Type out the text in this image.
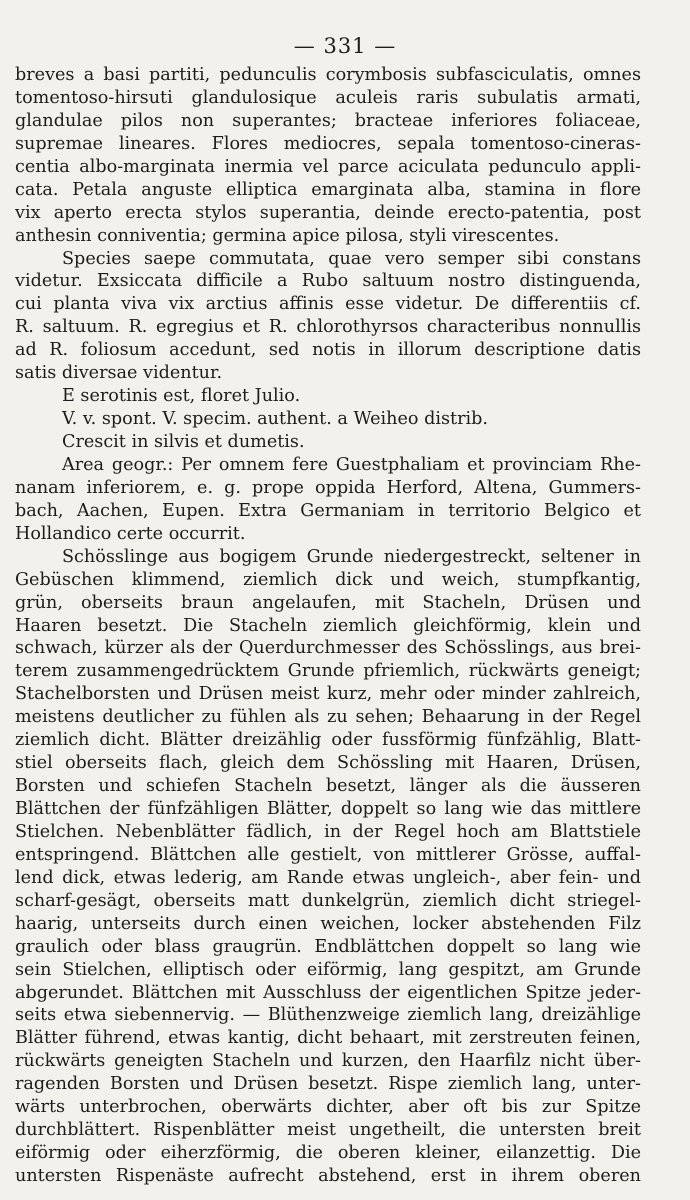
— 331 —
breves a basi partiti, pedunculis corymbosis subfasciculatis, omnes
tomentoso-hirsuti glandulosique aculeis raris subulatis armati,
glandulae pilos non superantes; bracteae inferiores foliaceae,
supremae lineares. Flores mediocres, sepala tomentoso-cineras-
centia albo-marginata inermia vel parce aciculata pedunculo appli-
cata. Petala anguste elliptica emarginata alba, stamina in flore
vix aperto erecta stylos superantia, deinde erecto-patentia, post
anthesin conniventia; germina apice pilosa, styli virescentes.
Species saepe commutata, quae vero semper sibi constans
videtur. Exsiccata difficile a Rubo saltuum nostro distinguenda,
cui planta viva vix arctius affinis esse videtur. De differentiis cf.
R. saltuum. R. egregius et R. chlorothyrsos characteribus nonnullis
ad R. foliosum accedunt, sed notis in illorum descriptione datis
satis diversae videntur.
E serotinis est, floret Julio.
V. v. spont. V. specim. authent. a Weiheo distrib.
Crescit in silvis et dumetis.
Area geogr.: Per omnem fere Guestphaliam et provinciam Rhe-
nanam inferiorem, e. g. prope oppida Herford, Altena, Gummers-
bach, Aachen, Eupen. Extra Germaniam in territorio Belgico et
Hollandico certe occurrit.
Schösslinge aus bogigem Grunde niedergestreckt, seltener in
Gebüschen klimmend, ziemlich dick und weich, stumpfkantig,
grün, oberseits braun angelaufen, mit Stacheln, Drüsen und
Haaren besetzt. Die Stacheln ziemlich gleichförmig, klein und
schwach, kürzer als der Querdurchmesser des Schösslings, aus brei-
terem zusammengedrücktem Grunde pfriemlich, rückwärts geneigt;
Stachelborsten und Drüsen meist kurz, mehr oder minder zahlreich,
meistens deutlicher zu fühlen als zu sehen; Behaarung in der Regel
ziemlich dicht. Blätter dreizählig oder fussförmig fünfzählig, Blatt-
stiel oberseits flach, gleich dem Schössling mit Haaren, Drüsen,
Borsten und schiefen Stacheln besetzt, länger als die äusseren
Blättchen der fünfzähligen Blätter, doppelt so lang wie das mittlere
Stielchen. Nebenblätter fädlich, in der Regel hoch am Blattstiele
entspringend. Blättchen alle gestielt, von mittlerer Grösse, auffal-
lend dick, etwas lederig, am Rande etwas ungleich-, aber fein- und
scharf-gesägt, oberseits matt dunkelgrün, ziemlich dicht striegel-
haarig, unterseits durch einen weichen, locker abstehenden Filz
graulich oder blass graugrün. Endblättchen doppelt so lang wie
sein Stielchen, elliptisch oder eiförmig, lang gespitzt, am Grunde
abgerundet. Blättchen mit Ausschluss der eigentlichen Spitze jeder-
seits etwa siebennervig. — Blüthenzweige ziemlich lang, dreizählige
Blätter führend, etwas kantig, dicht behaart, mit zerstreuten feinen,
rückwärts geneigten Stacheln und kurzen, den Haarfilz nicht über-
ragenden Borsten und Drüsen besetzt. Rispe ziemlich lang, unter-
wärts unterbrochen, oberwärts dichter, aber oft bis zur Spitze
durchblättert. Rispenblätter meist ungetheilt, die untersten breit
eiförmig oder eiherzförmig, die oberen kleiner, eilanzettig. Die
untersten Rispenäste aufrecht abstehend, erst in ihrem oberen
